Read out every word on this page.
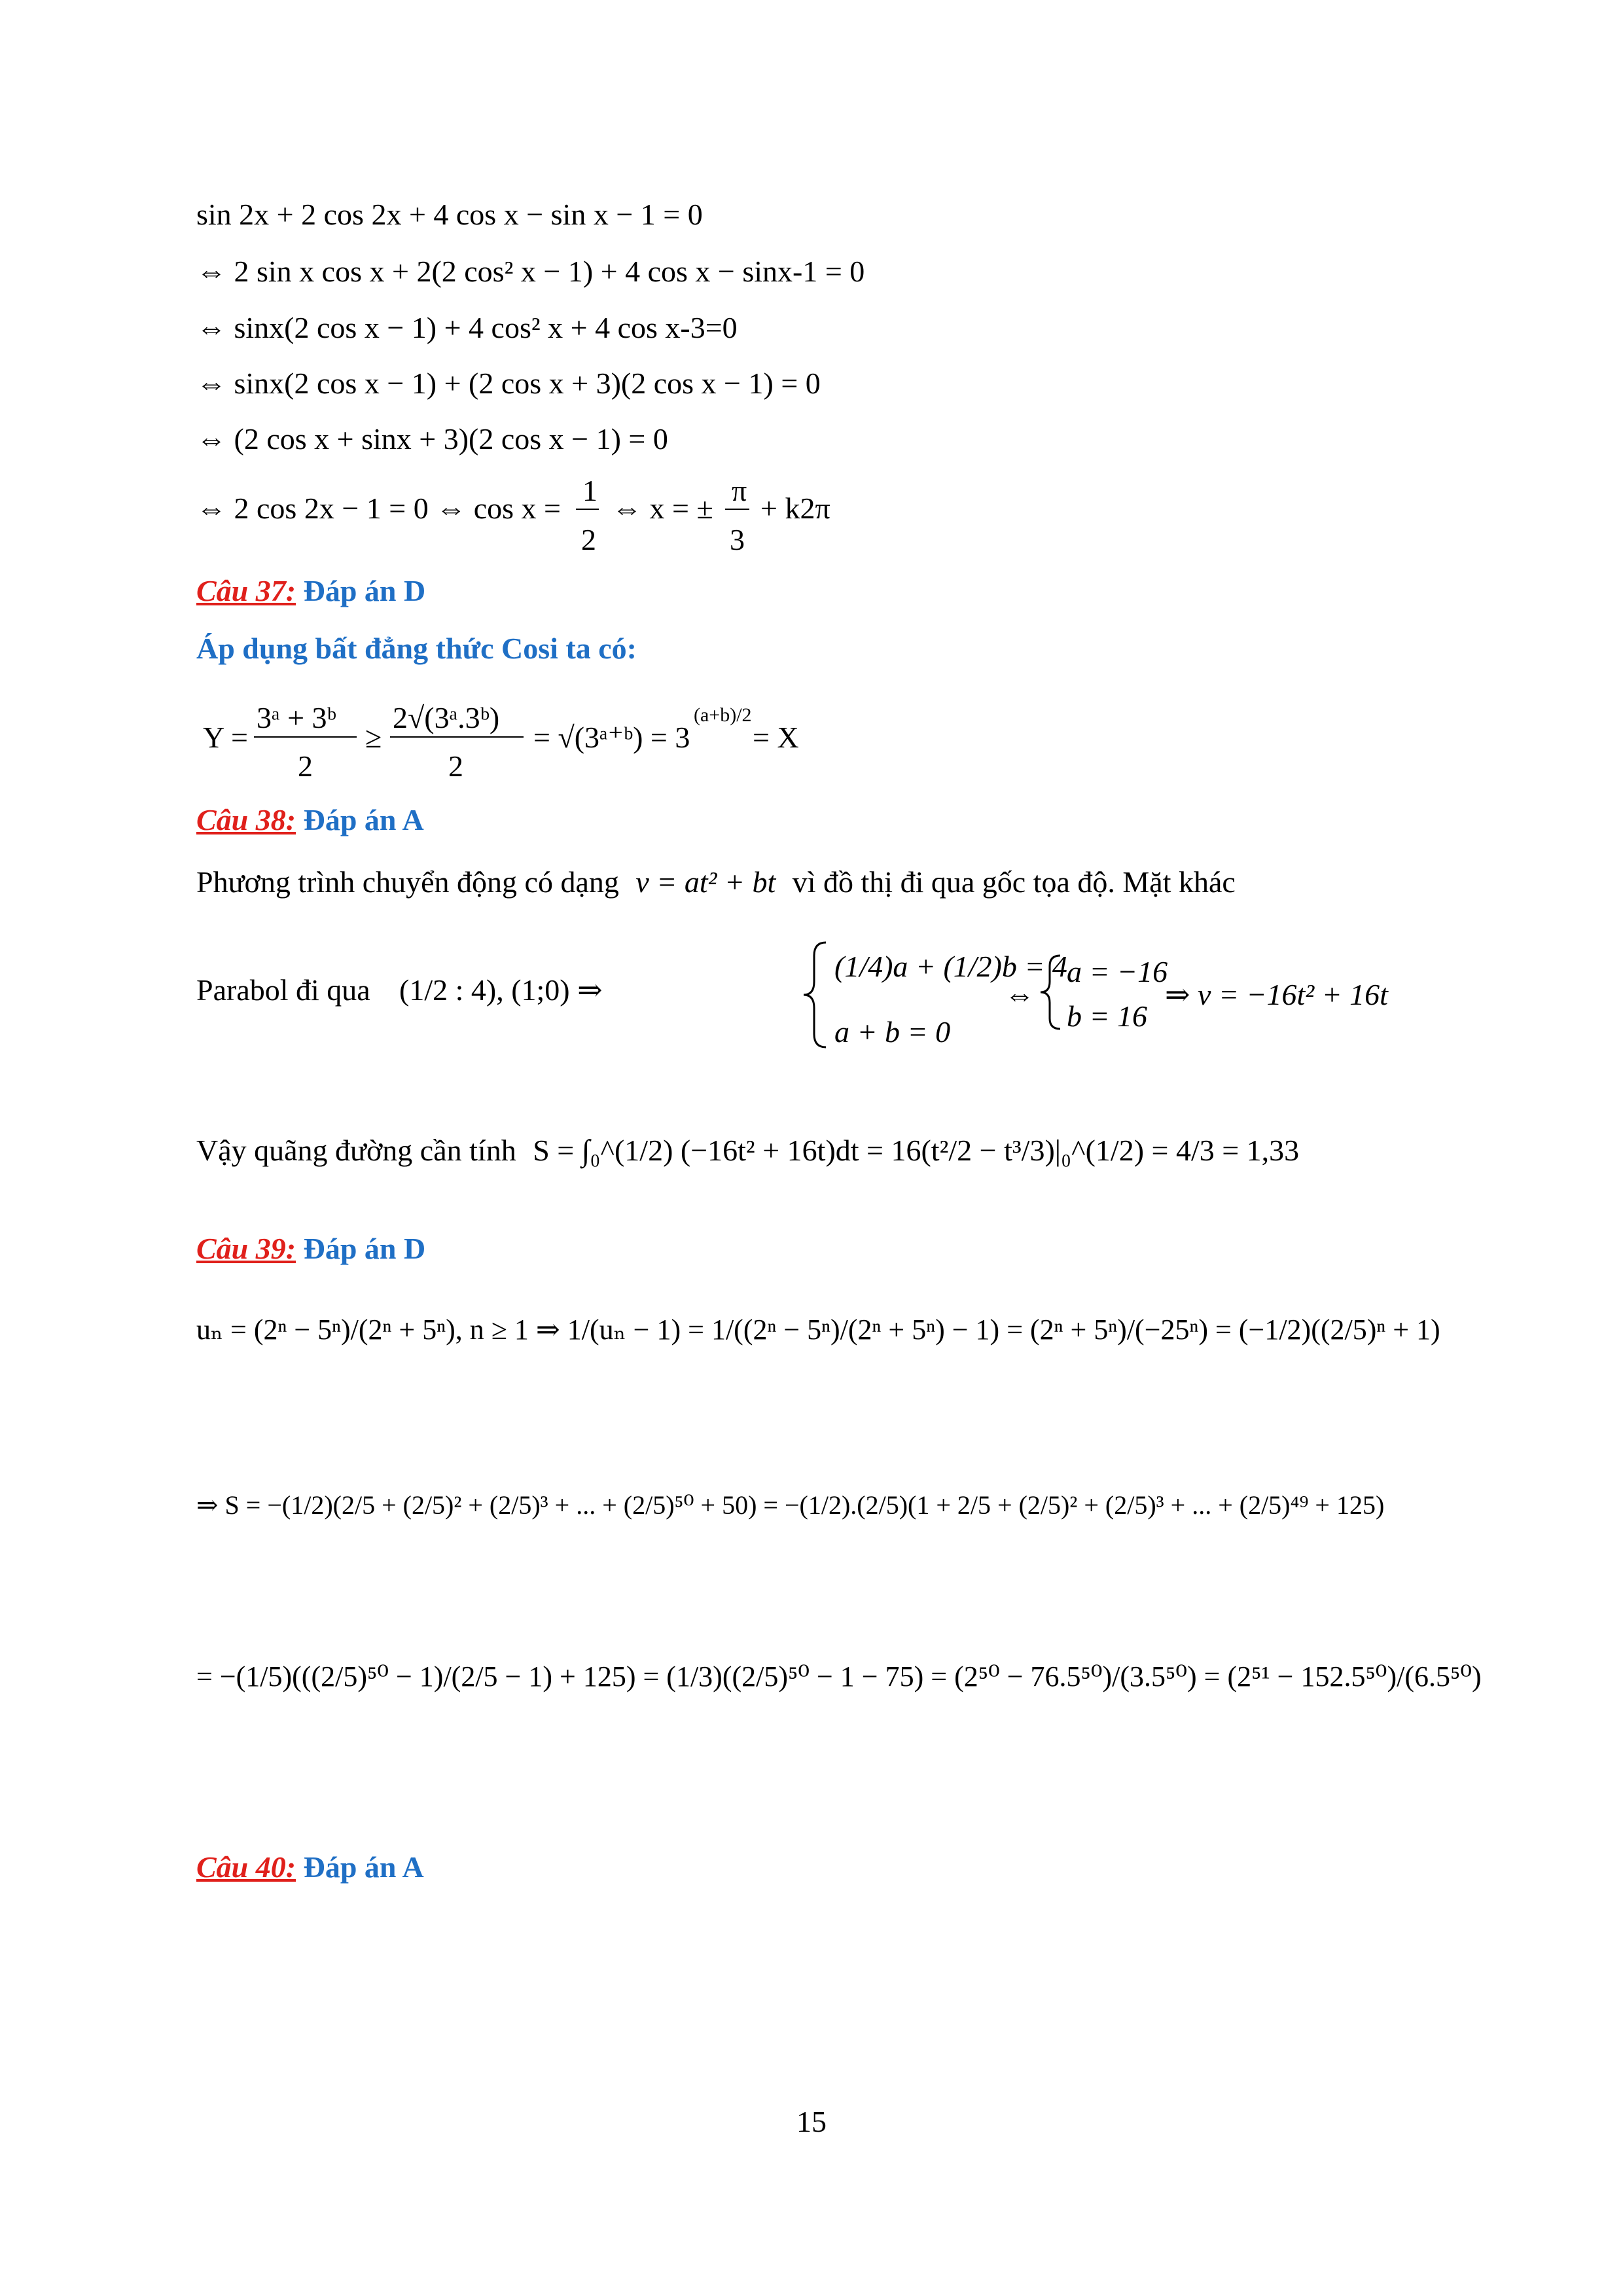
sin 2x + 2 cos 2x + 4 cos x − sin x − 1 = 0
⇔ 2 sin x cos x + 2(2 cos² x − 1) + 4 cos x − sinx-1 = 0
⇔ sinx(2 cos x − 1) + 4 cos² x + 4 cos x-3=0
⇔ sinx(2 cos x − 1) + (2 cos x + 3)(2 cos x − 1) = 0
⇔ (2 cos x + sinx + 3)(2 cos x − 1) = 0
⇔ 2 cos 2x − 1 = 0 ⇔ cos x =
1
2
⇔ x = ±
π
3
+ k2π
Câu 37: Đáp án D
Áp dụng bất đẳng thức Cosi ta có:
Y =
3ᵃ + 3ᵇ
2
≥
2√(3ᵃ.3ᵇ)
2
= √(3ᵃ⁺ᵇ) = 3
(a+b)/2
= X
Câu 38: Đáp án A
Phương trình chuyển động có dạng v = at² + bt vì đồ thị đi qua gốc tọa độ. Mặt khác
Parabol đi qua (1/2 : 4), (1;0) ⇒
(1/4)a + (1/2)b = 4
a + b = 0
⇔
a = −16
b = 16
⇒ v = −16t² + 16t
Vậy quãng đường cần tính S = ∫₀^(1/2) (−16t² + 16t)dt = 16(t²/2 − t³/3)|₀^(1/2) = 4/3 = 1,33
Câu 39: Đáp án D
uₙ = (2ⁿ − 5ⁿ)/(2ⁿ + 5ⁿ), n ≥ 1 ⇒ 1/(uₙ − 1) = 1/((2ⁿ − 5ⁿ)/(2ⁿ + 5ⁿ) − 1) = (2ⁿ + 5ⁿ)/(−25ⁿ) = (−1/2)((2/5)ⁿ + 1)
⇒ S = −(1/2)(2/5 + (2/5)² + (2/5)³ + ... + (2/5)⁵⁰ + 50) = −(1/2).(2/5)(1 + 2/5 + (2/5)² + (2/5)³ + ... + (2/5)⁴⁹ + 125)
= −(1/5)(((2/5)⁵⁰ − 1)/(2/5 − 1) + 125) = (1/3)((2/5)⁵⁰ − 1 − 75) = (2⁵⁰ − 76.5⁵⁰)/(3.5⁵⁰) = (2⁵¹ − 152.5⁵⁰)/(6.5⁵⁰)
Câu 40: Đáp án A
15
